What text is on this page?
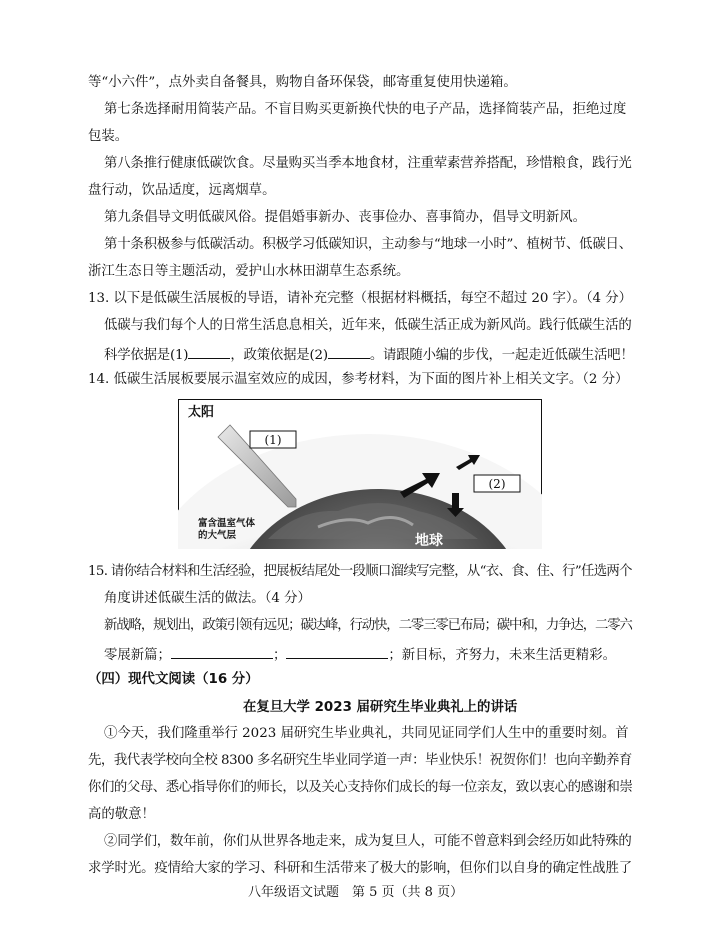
等“小六件”，点外卖自备餐具，购物自备环保袋，邮寄重复使用快递箱。
第七条选择耐用简装产品。不盲目购买更新换代快的电子产品，选择简装产品，拒绝过度
包装。
第八条推行健康低碳饮食。尽量购买当季本地食材，注重荤素营养搭配，珍惜粮食，践行光
盘行动，饮品适度，远离烟草。
第九条倡导文明低碳风俗。提倡婚事新办、丧事俭办、喜事简办，倡导文明新风。
第十条积极参与低碳活动。积极学习低碳知识，主动参与“地球一小时”、植树节、低碳日、
浙江生态日等主题活动，爱护山水林田湖草生态系统。
13. 以下是低碳生活展板的导语，请补充完整（根据材料概括，每空不超过 20 字）。（4 分）
低碳与我们每个人的日常生活息息相关，近年来，低碳生活正成为新风尚。践行低碳生活的
科学依据是(1)	，政策依据是(2)	。请跟随小编的步伐，一起走近低碳生活吧！
14. 低碳生活展板要展示温室效应的成因，参考材料，为下面的图片补上相关文字。（2 分）
太阳
(1)
(2)
富含温室气体
的大气层	地球
15. 请你结合材料和生活经验，把展板结尾处一段顺口溜续写完整，从“衣、食、住、行”任选两个
角度讲述低碳生活的做法。（4 分）
新战略，规划出，政策引领有远见；碳达峰，行动快，二零三零已布局；碳中和，力争达，二零六
零展新篇；	；	；新目标，齐努力，未来生活更精彩。
（四）现代文阅读（16 分）
在复旦大学 2023 届研究生毕业典礼上的讲话
①今天，我们隆重举行 2023 届研究生毕业典礼，共同见证同学们人生中的重要时刻。首
先，我代表学校向全校 8300 多名研究生毕业同学道一声：毕业快乐！祝贺你们！也向辛勤养育
你们的父母、悉心指导你们的师长，以及关心支持你们成长的每一位亲友，致以衷心的感谢和崇
高的敬意！
②同学们，数年前，你们从世界各地走来，成为复旦人，可能不曾意料到会经历如此特殊的
求学时光。疫情给大家的学习、科研和生活带来了极大的影响，但你们以自身的确定性战胜了
八年级语文试题　第 5 页（共 8 页）
